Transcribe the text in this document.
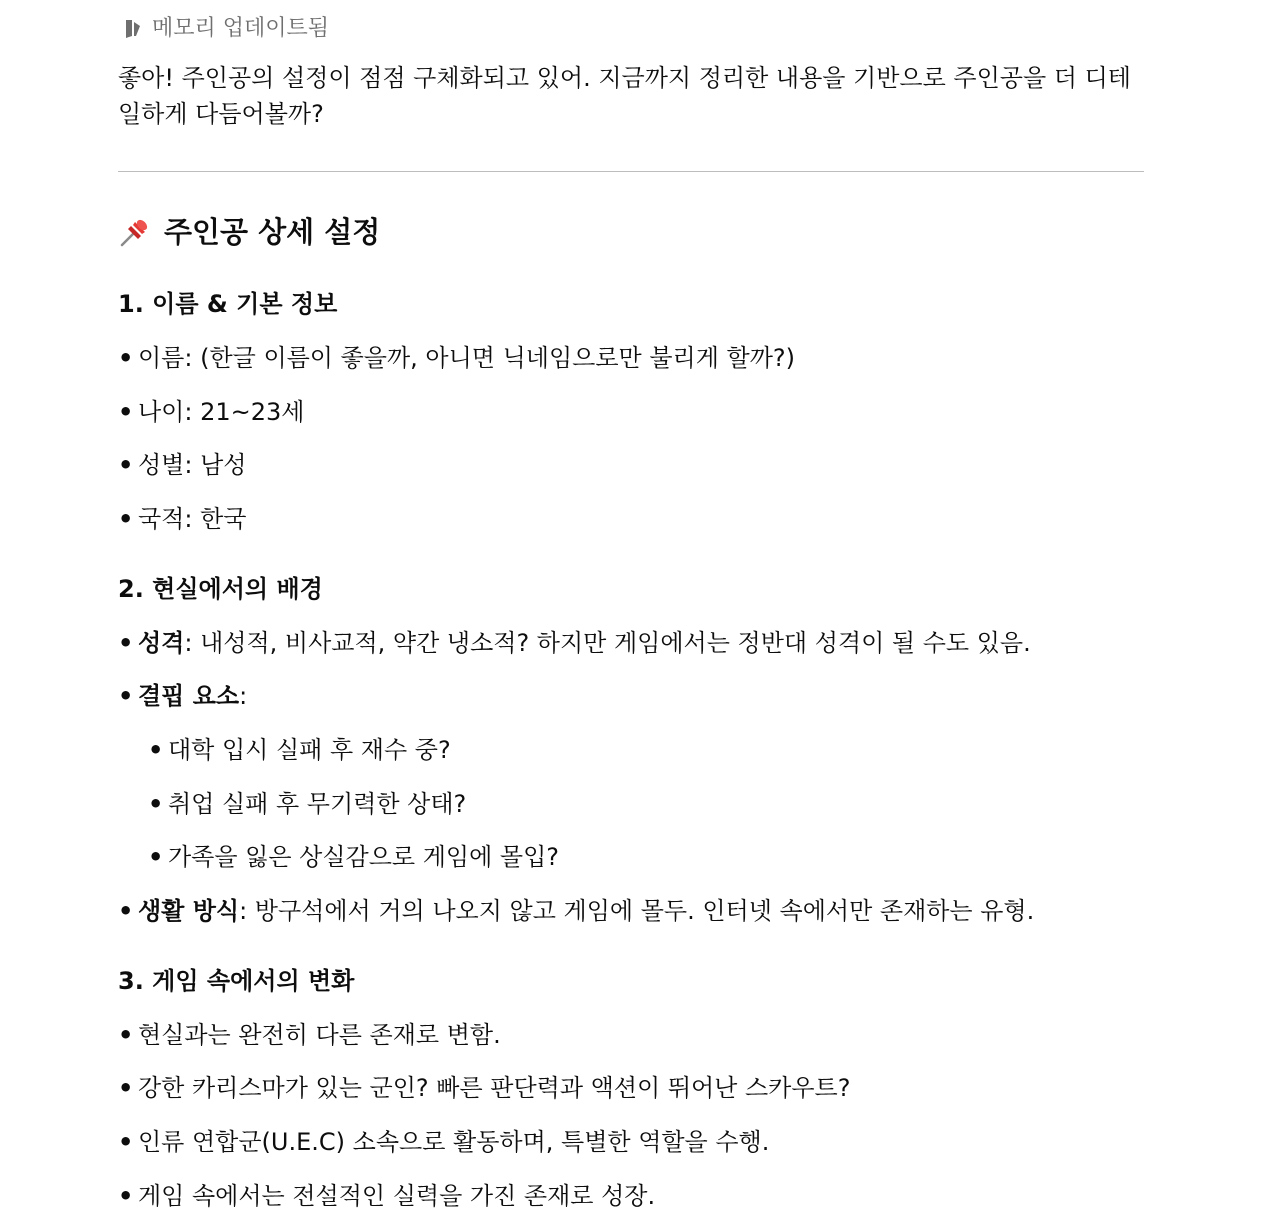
메모리 업데이트됨
좋아! 주인공의 설정이 점점 구체화되고 있어. 지금까지 정리한 내용을 기반으로 주인공을 더 디테일하게 다듬어볼까?
주인공 상세 설정
1. 이름 & 기본 정보
• 이름: (한글 이름이 좋을까, 아니면 닉네임으로만 불리게 할까?)
• 나이: 21~23세
• 성별: 남성
• 국적: 한국
2. 현실에서의 배경
• 성격: 내성적, 비사교적, 약간 냉소적? 하지만 게임에서는 정반대 성격이 될 수도 있음.
• 결핍 요소:
• 대학 입시 실패 후 재수 중?
• 취업 실패 후 무기력한 상태?
• 가족을 잃은 상실감으로 게임에 몰입?
• 생활 방식: 방구석에서 거의 나오지 않고 게임에 몰두. 인터넷 속에서만 존재하는 유형.
3. 게임 속에서의 변화
• 현실과는 완전히 다른 존재로 변함.
• 강한 카리스마가 있는 군인? 빠른 판단력과 액션이 뛰어난 스카우트?
• 인류 연합군(U.E.C) 소속으로 활동하며, 특별한 역할을 수행.
• 게임 속에서는 전설적인 실력을 가진 존재로 성장.
